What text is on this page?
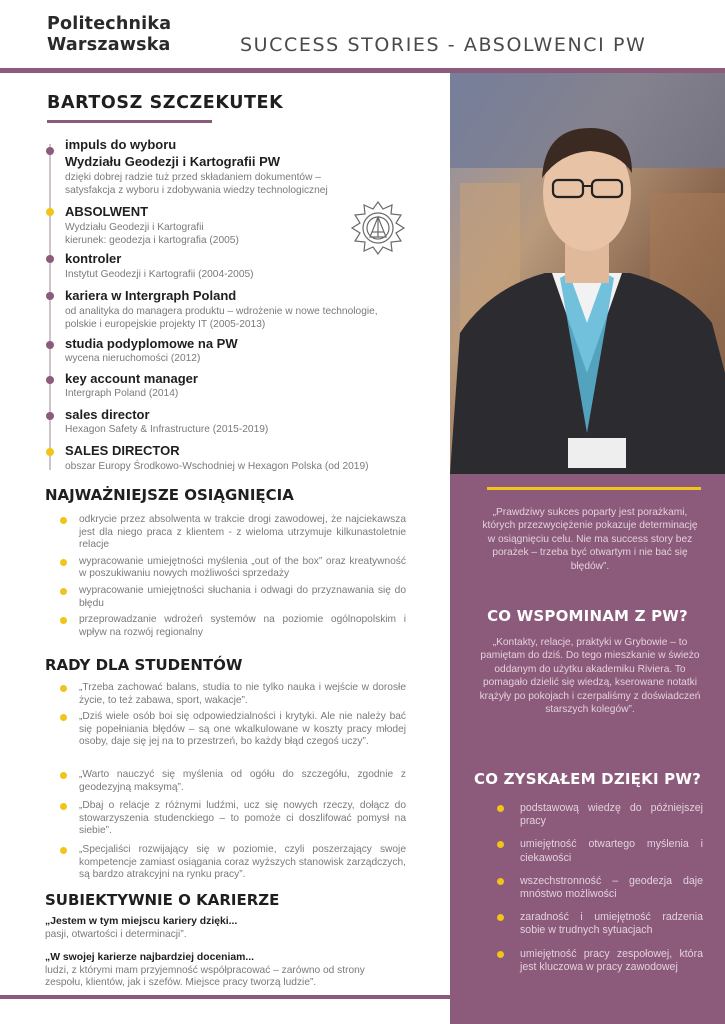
Politechnika
Warszawska	SUCCESS STORIES - ABSOLWENCI PW
„Prawdziwy sukces poparty jest porażkami, których przezwyciężenie pokazuje determinację w osiągnięciu celu. Nie ma success story bez porażek – trzeba być otwartym i nie bać się błędów”.
CO WSPOMINAM Z PW?
„Kontakty, relacje, praktyki w Grybowie – to pamiętam do dziś. Do tego mieszkanie w świeżo oddanym do użytku akademiku Riviera. To pomagało dzielić się wiedzą, kserowane notatki krążyły po pokojach i czerpaliśmy z doświadczeń starszych kolegów”.
CO ZYSKAŁEM DZIĘKI PW?
podstawową wiedzę do późniejszej pracy
umiejętność otwartego myślenia i ciekawości
wszechstronność – geodezja daje mnóstwo możliwości
zaradność i umiejętność radzenia sobie w trudnych sytuacjach
umiejętność pracy zespołowej, która jest kluczowa w pracy zawodowej
BARTOSZ SZCZEKUTEK
impuls do wyboru
Wydziału Geodezji i Kartografii PW
dzięki dobrej radzie tuż przed składaniem dokumentów –
satysfakcja z wyboru i zdobywania wiedzy technologicznej
ABSOLWENT
Wydziału Geodezji i Kartografii
kierunek: geodezja i kartografia (2005)
kontroler
Instytut Geodezji i Kartografii (2004-2005)
kariera w Intergraph Poland
od analityka do managera produktu – wdrożenie w nowe technologie,
polskie i europejskie projekty IT (2005-2013)
studia podyplomowe na PW
wycena nieruchomości (2012)
key account manager
Intergraph Poland (2014)
sales director
Hexagon Safety & Infrastructure (2015-2019)
SALES DIRECTOR
obszar Europy Środkowo-Wschodniej w Hexagon Polska (od 2019)
NAJWAŻNIEJSZE OSIĄGNIĘCIA
odkrycie przez absolwenta w trakcie drogi zawodowej, że najciekawsza jest dla niego praca z klientem - z wieloma utrzymuje kilkunastoletnie relacje
wypracowanie umiejętności myślenia „out of the box” oraz kreatywność w poszukiwaniu nowych możliwości sprzedaży
wypracowanie umiejętności słuchania i odwagi do przyznawania się do błędu
przeprowadzanie wdrożeń systemów na poziomie ogólnopolskim i wpływ na rozwój regionalny
RADY DLA STUDENTÓW
„Trzeba zachować balans, studia to nie tylko nauka i wejście w dorosłe życie, to też zabawa, sport, wakacje”.
„Dziś wiele osób boi się odpowiedzialności i krytyki. Ale nie należy bać się popełniania błędów – są one wkalkulowane w koszty pracy młodej osoby, daje się jej na to przestrzeń, bo każdy błąd czegoś uczy”.
„Warto nauczyć się myślenia od ogółu do szczegółu, zgodnie z geodezyjną maksymą”.
„Dbaj o relacje z różnymi ludźmi, ucz się nowych rzeczy, dołącz do stowarzyszenia studenckiego – to pomoże ci doszlifować pomysł na siebie”.
„Specjaliści rozwijający się w poziomie, czyli poszerzający swoje kompetencje zamiast osiągania coraz wyższych stanowisk zarządczych, są bardzo atrakcyjni na rynku pracy”.
SUBIEKTYWNIE O KARIERZE
„Jestem w tym miejscu kariery dzięki...
pasji, otwartości i determinacji”.
„W swojej karierze najbardziej doceniam...
ludzi, z którymi mam przyjemność współpracować – zarówno od strony zespołu, klientów, jak i szefów. Miejsce pracy tworzą ludzie”.
